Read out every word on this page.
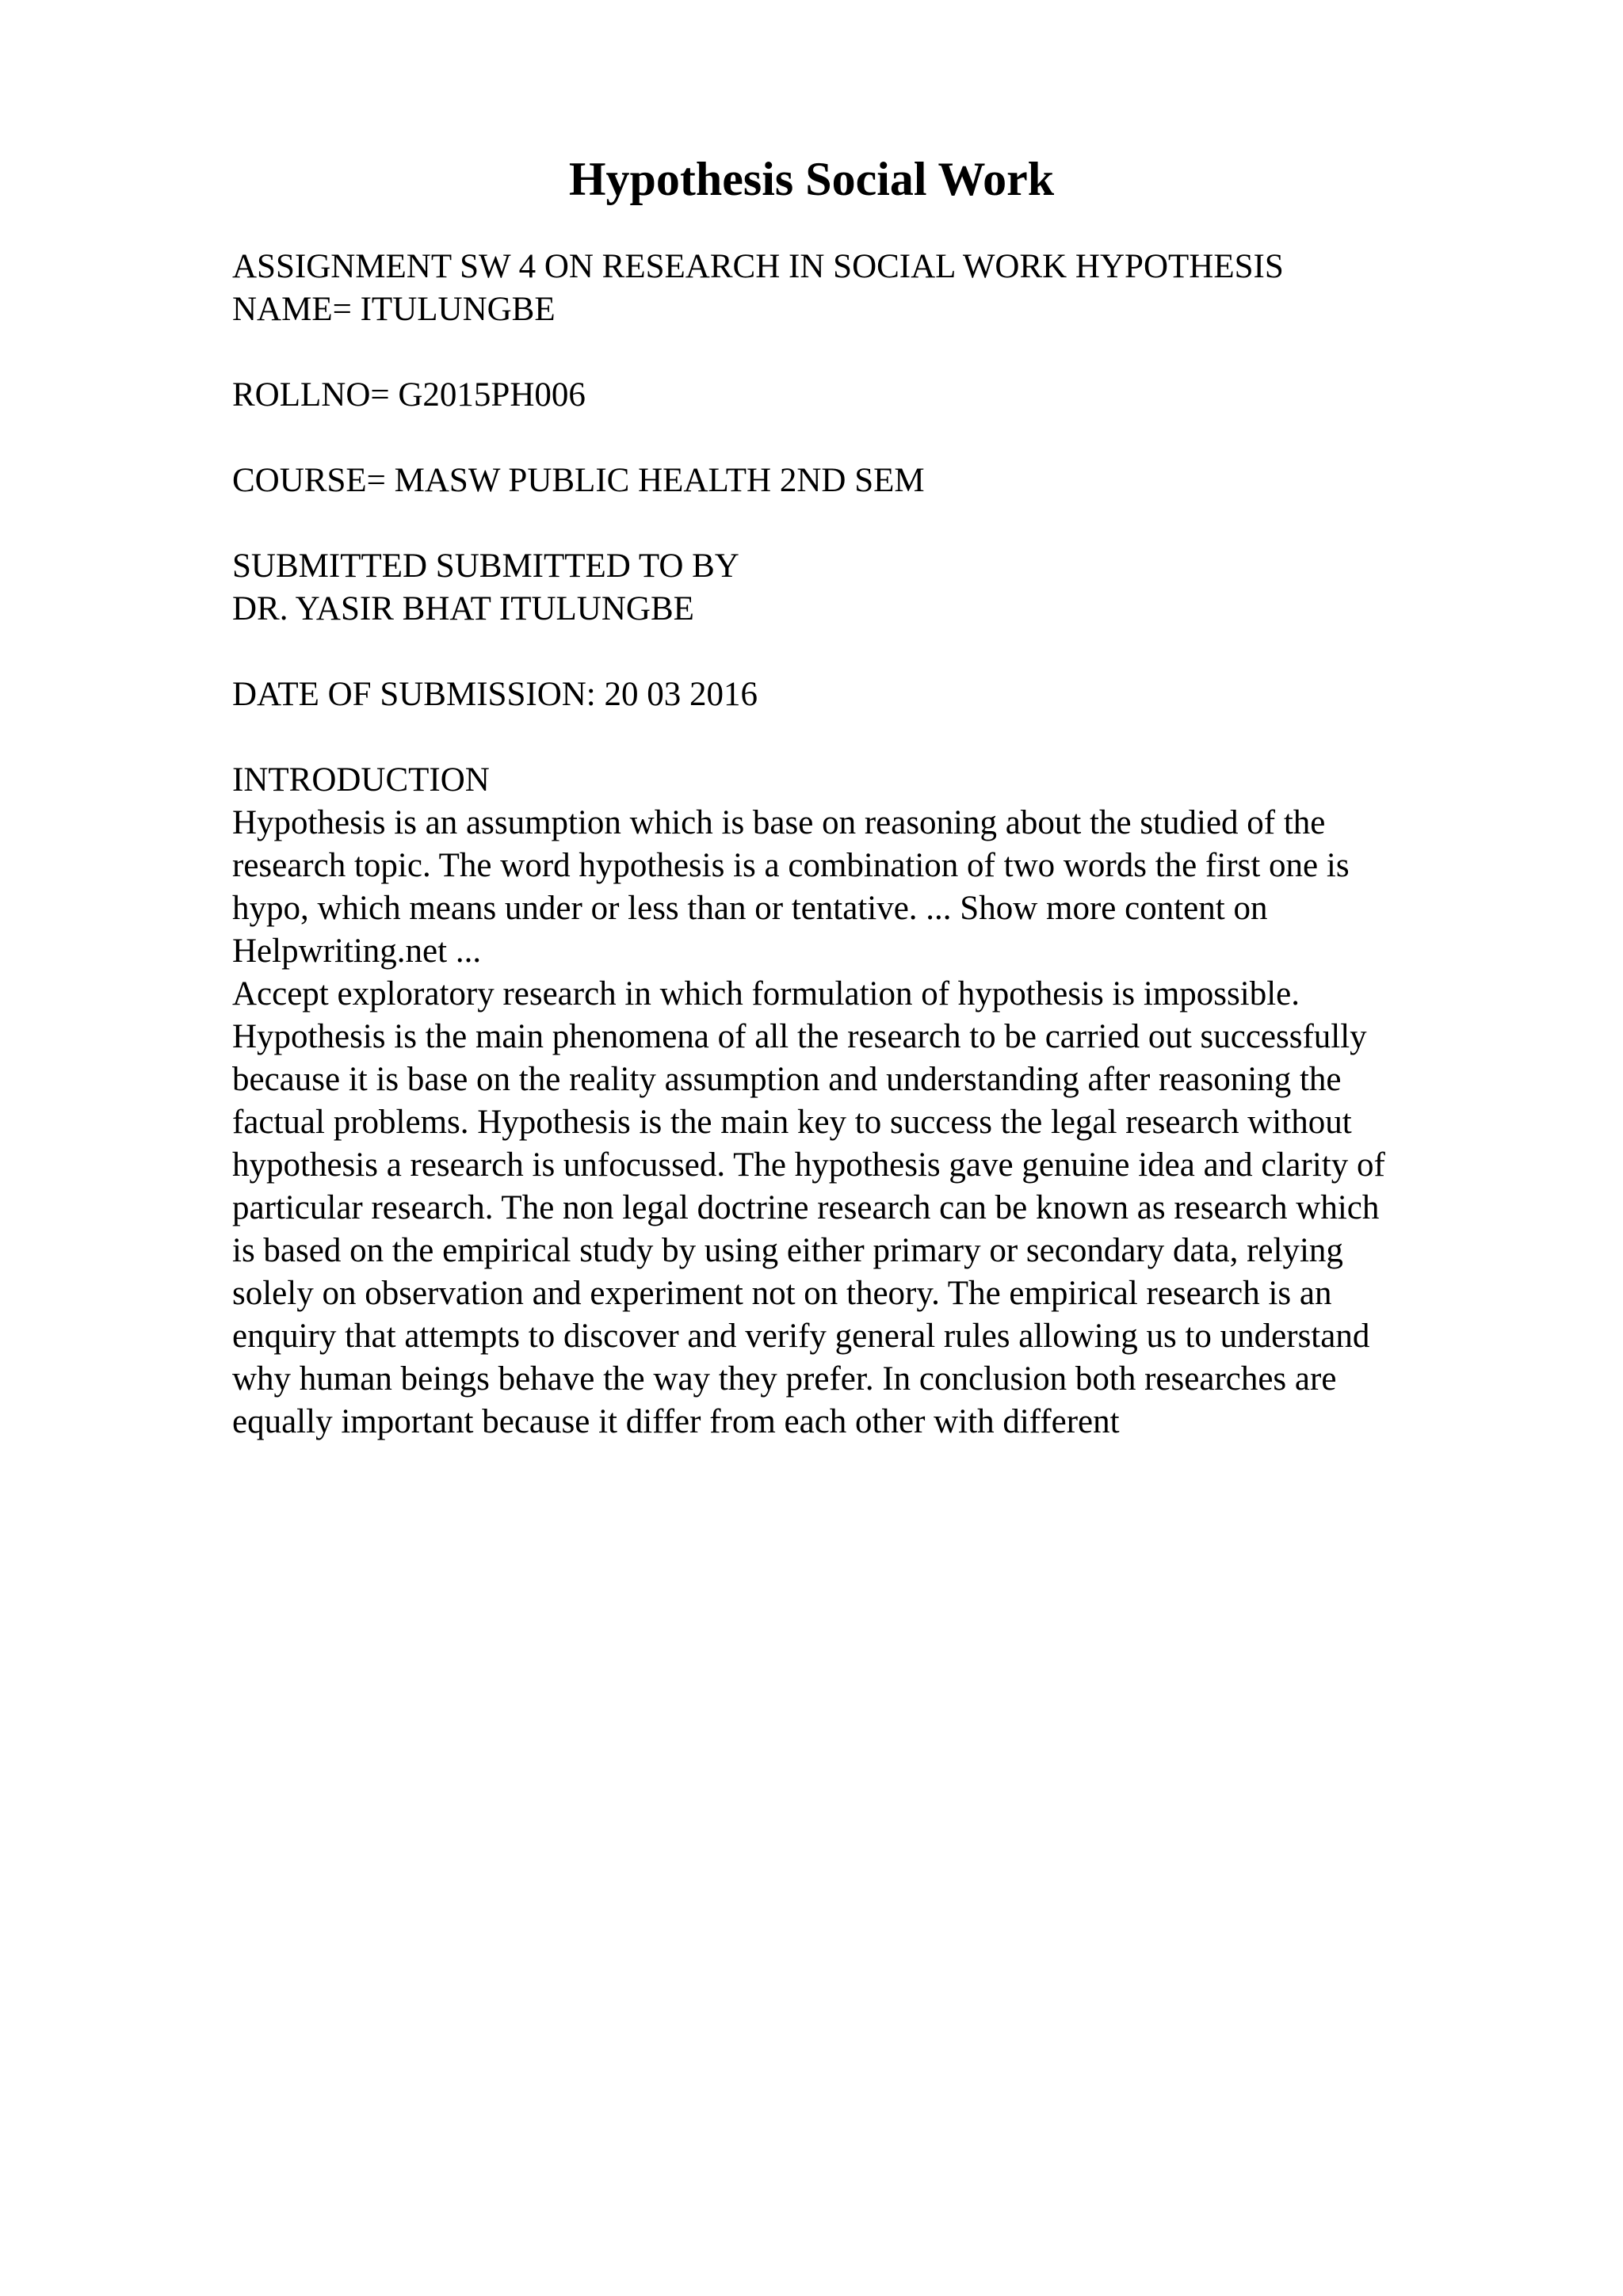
Hypothesis Social Work
ASSIGNMENT SW 4 ON RESEARCH IN SOCIAL WORK HYPOTHESIS
NAME= ITULUNGBE
ROLLNO= G2015PH006
COURSE= MASW PUBLIC HEALTH 2ND SEM
SUBMITTED SUBMITTED TO BY
DR. YASIR BHAT ITULUNGBE
DATE OF SUBMISSION: 20 03 2016
INTRODUCTION
Hypothesis is an assumption which is base on reasoning about the studied of the
research topic. The word hypothesis is a combination of two words the first one is
hypo, which means under or less than or tentative. ... Show more content on
Helpwriting.net ...
Accept exploratory research in which formulation of hypothesis is impossible.
Hypothesis is the main phenomena of all the research to be carried out successfully
because it is base on the reality assumption and understanding after reasoning the
factual problems. Hypothesis is the main key to success the legal research without
hypothesis a research is unfocussed. The hypothesis gave genuine idea and clarity of
particular research. The non legal doctrine research can be known as research which
is based on the empirical study by using either primary or secondary data, relying
solely on observation and experiment not on theory. The empirical research is an
enquiry that attempts to discover and verify general rules allowing us to understand
why human beings behave the way they prefer. In conclusion both researches are
equally important because it differ from each other with different
